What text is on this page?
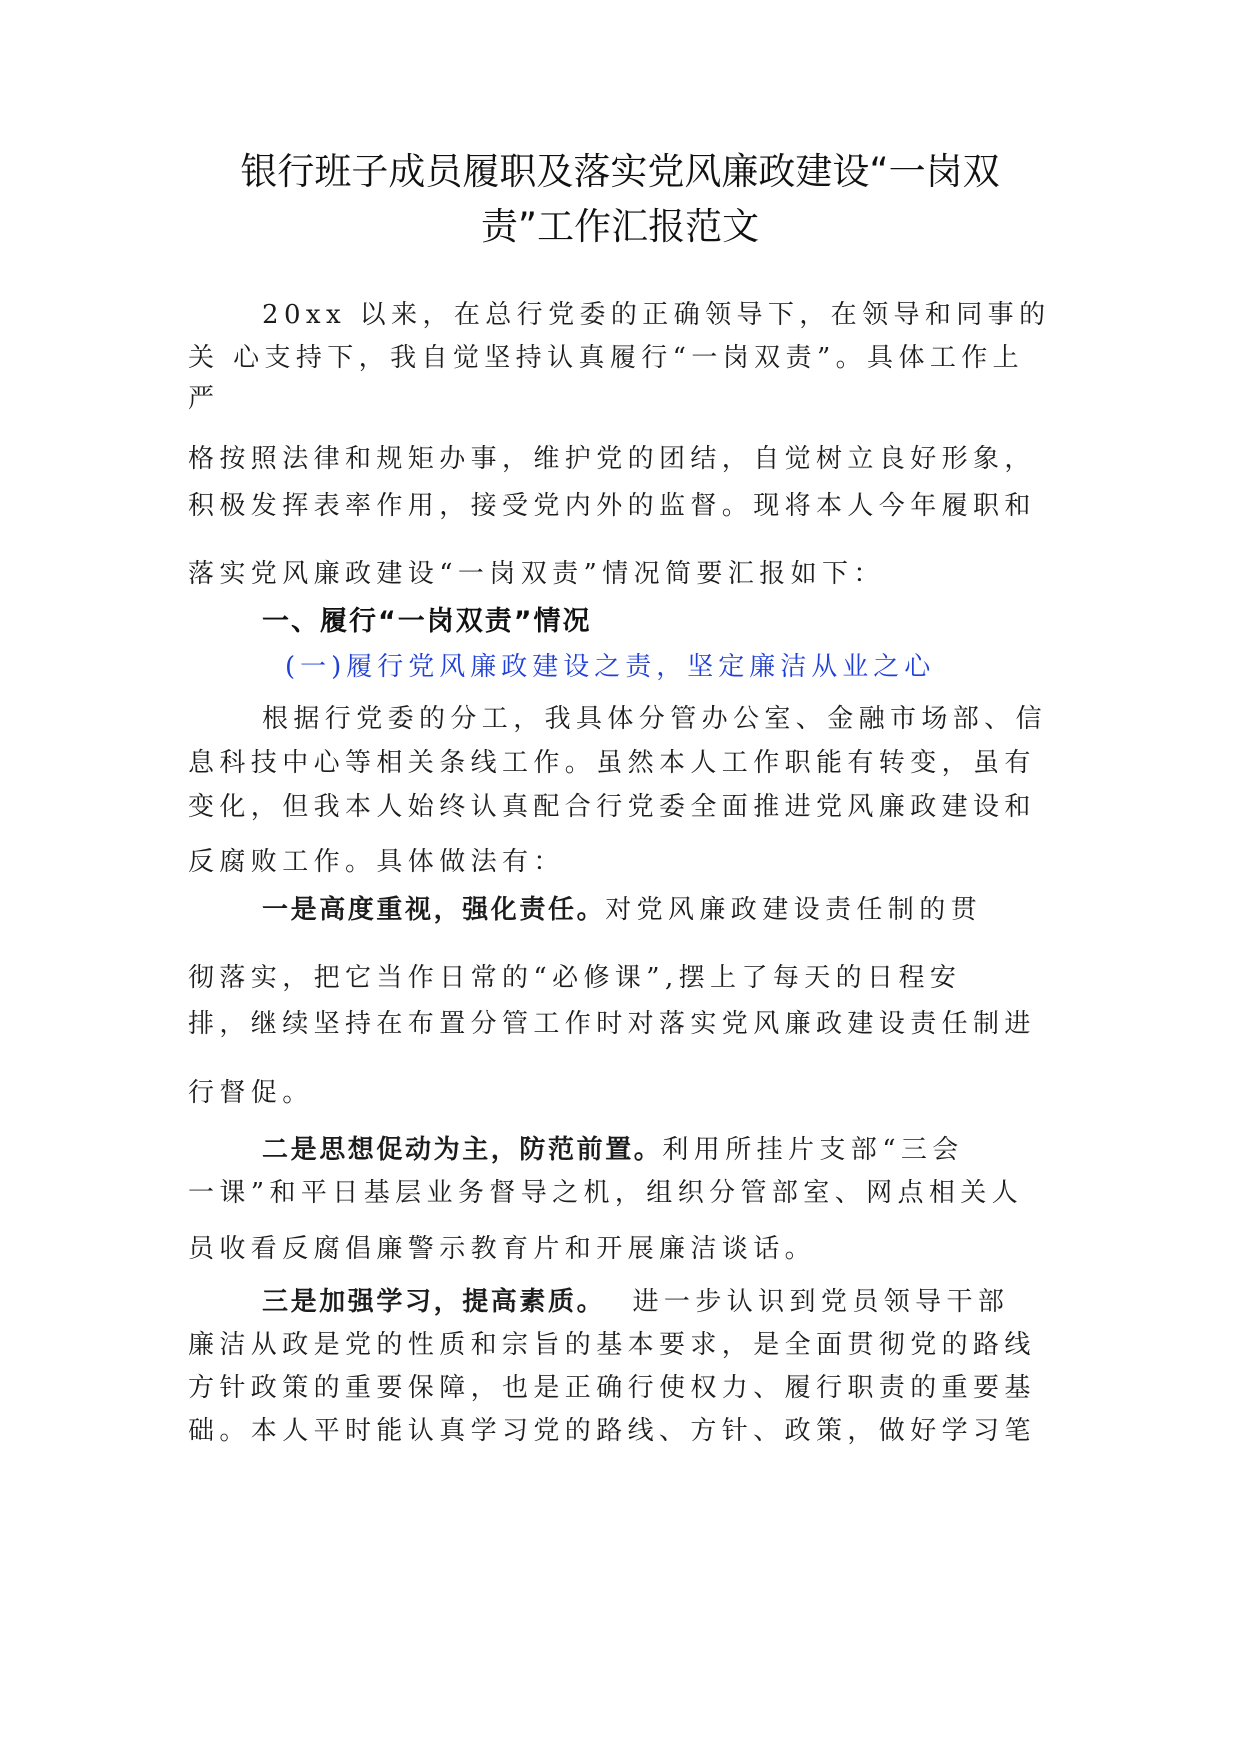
银行班子成员履职及落实党风廉政建设“一岗双
责”工作汇报范文
20xx 以来，在总行党委的正确领导下，在领导和同事的
关 心支持下，我自觉坚持认真履行“一岗双责”。具体工作上
严
格按照法律和规矩办事，维护党的团结，自觉树立良好形象，
积极发挥表率作用，接受党内外的监督。现将本人今年履职和
落实党风廉政建设“一岗双责”情况简要汇报如下：
一、履行“一岗双责”情况
(一)履行党风廉政建设之责，坚定廉洁从业之心
根据行党委的分工，我具体分管办公室、金融市场部、信
息科技中心等相关条线工作。虽然本人工作职能有转变，虽有
变化，但我本人始终认真配合行党委全面推进党风廉政建设和
反腐败工作。具体做法有：
一是高度重视，强化责任。对党风廉政建设责任制的贯
彻落实，把它当作日常的“必修课”,摆上了每天的日程安
排，继续坚持在布置分管工作时对落实党风廉政建设责任制进
行督促。
二是思想促动为主，防范前置。利用所挂片支部“三会
一课”和平日基层业务督导之机，组织分管部室、网点相关人
员收看反腐倡廉警示教育片和开展廉洁谈话。
三是加强学习，提高素质。  进一步认识到党员领导干部
廉洁从政是党的性质和宗旨的基本要求，是全面贯彻党的路线
方针政策的重要保障，也是正确行使权力、履行职责的重要基
础。本人平时能认真学习党的路线、方针、政策，做好学习笔
